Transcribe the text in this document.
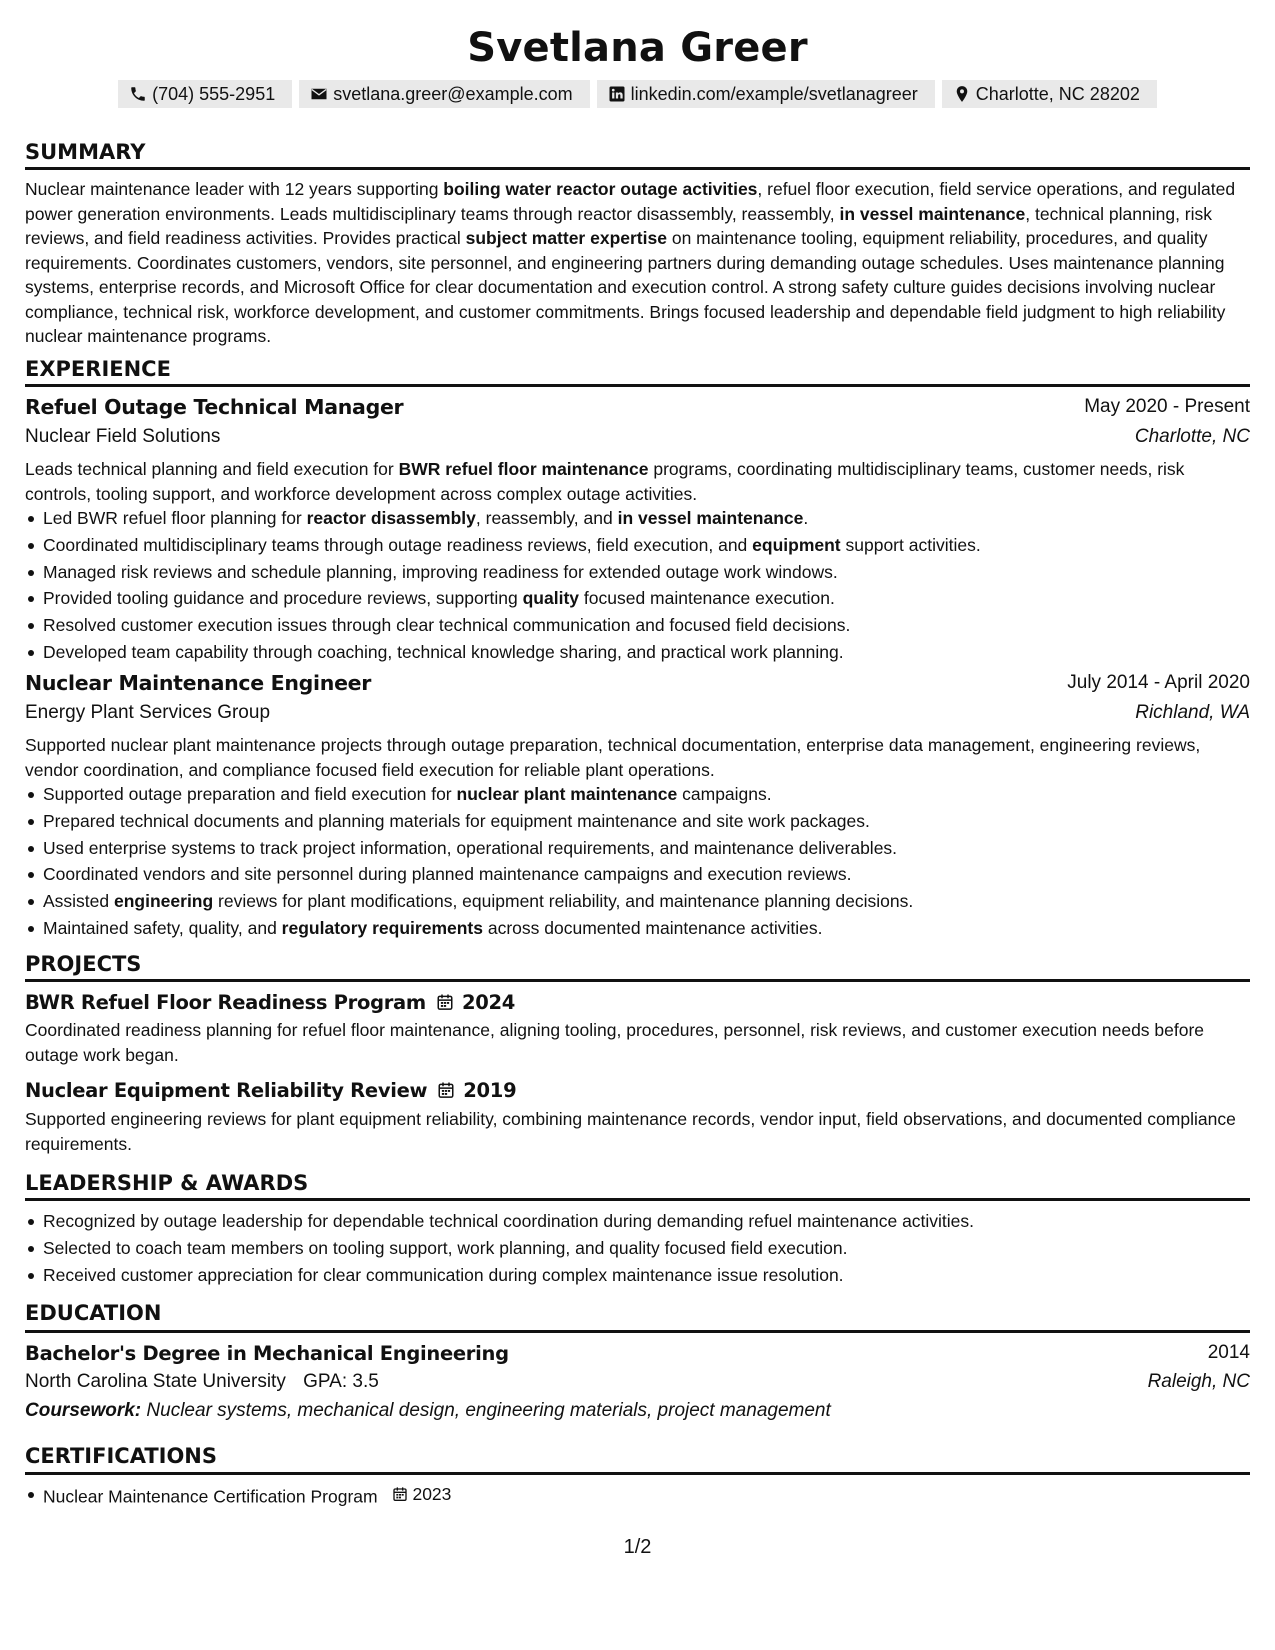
Svetlana Greer
(704) 555-2951	svetlana.greer@example.com	linkedin.com/example/svetlanagreer	Charlotte, NC 28202
SUMMARY

Nuclear maintenance leader with 12 years supporting boiling water reactor outage activities, refuel floor execution, field service operations, and regulated power generation environments. Leads multidisciplinary teams through reactor disassembly, reassembly, in vessel maintenance, technical planning, risk reviews, and field readiness activities. Provides practical subject matter expertise on maintenance tooling, equipment reliability, procedures, and quality requirements. Coordinates customers, vendors, site personnel, and engineering partners during demanding outage schedules. Uses maintenance planning systems, enterprise records, and Microsoft Office for clear documentation and execution control. A strong safety culture guides decisions involving nuclear compliance, technical risk, workforce development, and customer commitments. Brings focused leadership and dependable field judgment to high reliability nuclear maintenance programs.

EXPERIENCE
Refuel Outage Technical Manager	May 2020 - Present
Nuclear Field Solutions	Charlotte, NC

Leads technical planning and field execution for BWR refuel floor maintenance programs, coordinating multidisciplinary teams, customer needs, risk controls, tooling support, and workforce development across complex outage activities.

Led BWR refuel floor planning for reactor disassembly, reassembly, and in vessel maintenance.
Coordinated multidisciplinary teams through outage readiness reviews, field execution, and equipment support activities.
Managed risk reviews and schedule planning, improving readiness for extended outage work windows.
Provided tooling guidance and procedure reviews, supporting quality focused maintenance execution.
Resolved customer execution issues through clear technical communication and focused field decisions.
Developed team capability through coaching, technical knowledge sharing, and practical work planning.
Nuclear Maintenance Engineer	July 2014 - April 2020
Energy Plant Services Group	Richland, WA

Supported nuclear plant maintenance projects through outage preparation, technical documentation, enterprise data management, engineering reviews, vendor coordination, and compliance focused field execution for reliable plant operations.

Supported outage preparation and field execution for nuclear plant maintenance campaigns.
Prepared technical documents and planning materials for equipment maintenance and site work packages.
Used enterprise systems to track project information, operational requirements, and maintenance deliverables.
Coordinated vendors and site personnel during planned maintenance campaigns and execution reviews.
Assisted engineering reviews for plant modifications, equipment reliability, and maintenance planning decisions.
Maintained safety, quality, and regulatory requirements across documented maintenance activities.
PROJECTS
BWR Refuel Floor Readiness Program 2024

Coordinated readiness planning for refuel floor maintenance, aligning tooling, procedures, personnel, risk reviews, and customer execution needs before outage work began.

Nuclear Equipment Reliability Review 2019

Supported engineering reviews for plant equipment reliability, combining maintenance records, vendor input, field observations, and documented compliance requirements.

LEADERSHIP & AWARDS
Recognized by outage leadership for dependable technical coordination during demanding refuel maintenance activities.
Selected to coach team members on tooling support, work planning, and quality focused field execution.
Received customer appreciation for clear communication during complex maintenance issue resolution.
EDUCATION
Bachelor's Degree in Mechanical Engineering	2014
North Carolina State University GPA: 3.5	Raleigh, NC

Coursework: Nuclear systems, mechanical design, engineering materials, project management

CERTIFICATIONS
Nuclear Maintenance Certification Program 2023
1/2
